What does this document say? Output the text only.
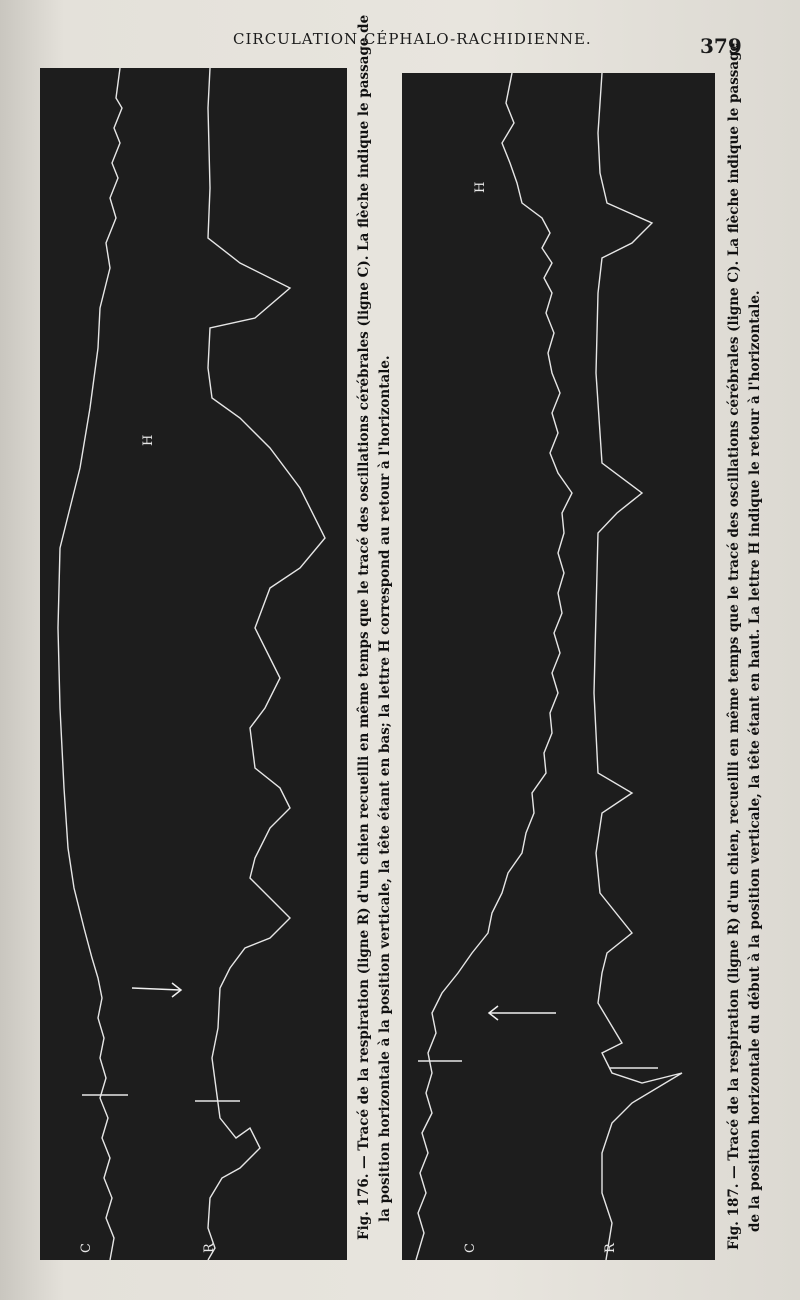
CIRCULATION CÉPHALO-RACHIDIENNE.	379
C	R
H
C	R
H
Fig. 176. — Tracé de la respiration (ligne R) d'un chien recueilli en même temps que le tracé des oscillations cérébrales (ligne C). La flèche indique le passage de la position horizontale à la position verticale, la tête étant en bas; la lettre H correspond au retour à l'horizontale.	Fig. 187. — Tracé de la respiration (ligne R) d'un chien, recueilli en même temps que le tracé des oscillations cérébrales (ligne C). La flèche indique le passage de la position horizontale du début à la position verticale, la tête étant en haut. La lettre H indique le retour à l'horizontale.
